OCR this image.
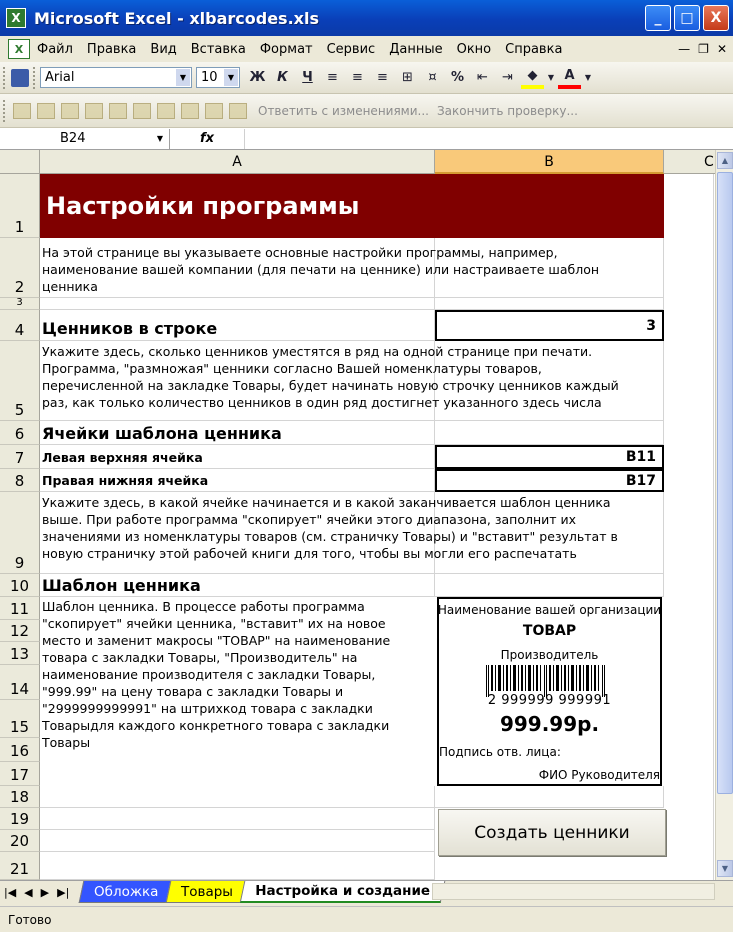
X Microsoft Excel - xlbarcodes.xls	_	□	X
X	Файл	Правка	Вид	Вставка	Формат	Сервис	Данные	Окно	Справка	— ❐ ✕
Arial	▼	10	▼	Ж К	Ч	≡	≡	≡	⊞	¤	%	⇤	⇥	◆	▼ A	▼
Ответить с изменениями... Закончить проверку...
B24	▼	fx
A	B	C
1
2
3
4
5
6
7
8
9
10
11
12
13
14
15
16
17
18
19
20
21
Настройки программы
На этой странице вы указываете основные настройки программы, например, наименование вашей компании (для печати на ценнике) или настраиваете шаблон ценника
Ценников в строке	3
Укажите здесь, сколько ценников уместятся в ряд на одной странице при печати. Программа, "размножая" ценники согласно Вашей номенклатуры товаров, перечисленной на закладке Товары, будет начинать новую строчку ценников каждый раз, как только количество ценников в один ряд достигнет указанного здесь числа
Ячейки шаблона ценника
Левая верхняя ячейка	B11
Правая нижняя ячейка	B17
Укажите здесь, в какой ячейке начинается и в какой заканчивается шаблон ценника выше. При работе программа "скопирует" ячейки этого диапазона, заполнит их значениями из номенклатуры товаров (см. страничку Товары) и "вставит" результат в новую страничку этой рабочей книги для того, чтобы вы могли его распечатать
Шаблон ценника
Шаблон ценника. В процессе работы программа "скопирует" ячейки ценника, "вставит" их на новое место и заменит макросы "ТОВАР" на наименование товара с закладки Товары, "Производитель" на наименование производителя с закладки Товары, "999.99" на цену товара с закладки Товары и "2999999999991" на штрихкод товара с закладки Товарыдля каждого конкретного товара с закладки Товары
Наименование вашей организации
ТОВАР
Производитель
2 999999 999991
999.99р.
Подпись отв. лица:
ФИО Руководителя
Создать ценники
▲
▼
|◀ ◀ ▶ ▶| Обложка Товары Настройка и создание
Готово
